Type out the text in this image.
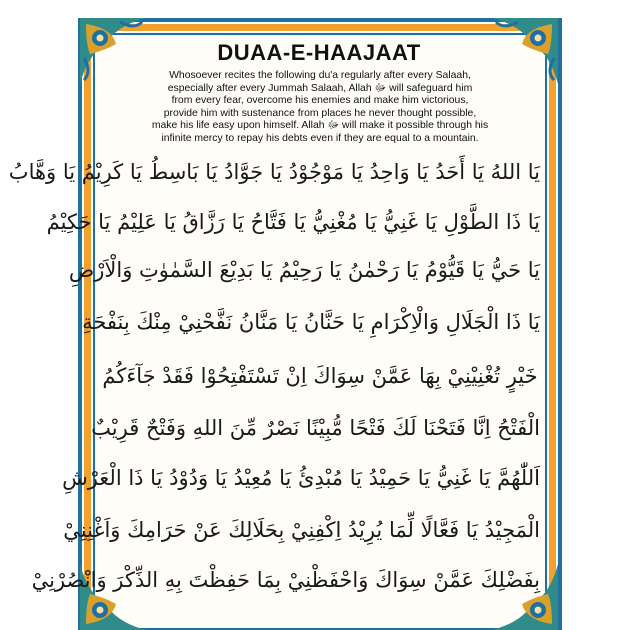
DUAA-E-HAAJAAT

Whosoever recites the following du'a regularly after every Salaah,

especially after every Jummah Salaah, Allah ﷻ will safeguard him

from every fear, overcome his enemies and make him victorious,

provide him with sustenance from places he never thought possible,

make his life easy upon himself. Allah ﷻ will make it possible through his

infinite mercy to repay his debts even if they are equal to a mountain.

يَا اللهُ يَا أَحَدُ يَا وَاحِدُ يَا مَوْجُوْدُ يَا جَوَّادُ يَا بَاسِطُ يَا كَرِيْمُ يَا وَهَّابُ
يَا ذَا الطَّوْلِ يَا غَنِيُّ يَا مُغْنِيُّ يَا فَتَّاحُ يَا رَزَّاقُ يَا عَلِيْمُ يَا حَكِيْمُ
يَا حَيُّ يَا قَيُّوْمُ يَا رَحْمٰنُ يَا رَحِيْمُ يَا بَدِيْعَ السَّمٰوٰتِ وَالْاَرْضِ
يَا ذَا الْجَلَالِ وَالْاِكْرَامِ يَا حَنَّانُ يَا مَنَّانُ نَفَّحْنِيْ مِنْكَ بِنَفْحَةِ
خَيْرٍ تُغْنِيْنِيْ بِهَا عَمَّنْ سِوَاكَ اِنْ تَسْتَفْتِحُوْا فَقَدْ جَآءَكُمُ
الْفَتْحُ اِنَّا فَتَحْنَا لَكَ فَتْحًا مُّبِيْنًا نَصْرٌ مِّنَ اللهِ وَفَتْحٌ قَرِيْبٌ
اَللّٰهُمَّ يَا غَنِيُّ يَا حَمِيْدُ يَا مُبْدِئُ يَا مُعِيْدُ يَا وَدُوْدُ يَا ذَا الْعَرْشِ
الْمَجِيْدُ يَا فَعَّالًا لِّمَا يُرِيْدُ اِكْفِنِيْ بِحَلَالِكَ عَنْ حَرَامِكَ وَاَغْنِنِيْ
بِفَضْلِكَ عَمَّنْ سِوَاكَ وَاحْفَظْنِيْ بِمَا حَفِظْتَ بِهِ الذِّكْرَ وَانْصُرْنِيْ
